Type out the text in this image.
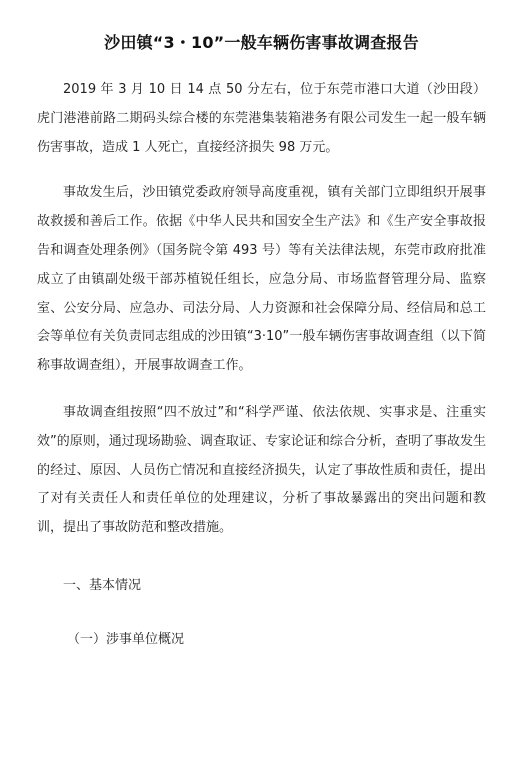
沙田镇“3・10”一般车辆伤害事故调查报告

2019 年 3 月 10 日 14 点 50 分左右，位于东莞市港口大道（沙田段）虎门港港前路二期码头综合楼的东莞港集装箱港务有限公司发生一起一般车辆伤害事故，造成 1 人死亡，直接经济损失 98 万元。

事故发生后，沙田镇党委政府领导高度重视，镇有关部门立即组织开展事故救援和善后工作。依据《中华人民共和国安全生产法》和《生产安全事故报告和调查处理条例》（国务院令第 493 号）等有关法律法规，东莞市政府批准成立了由镇副处级干部苏植锐任组长，应急分局、市场监督管理分局、监察室、公安分局、应急办、司法分局、人力资源和社会保障分局、经信局和总工会等单位有关负责同志组成的沙田镇“3·10”一般车辆伤害事故调查组（以下简称事故调查组），开展事故调查工作。

事故调查组按照“四不放过”和“科学严谨、依法依规、实事求是、注重实效”的原则，通过现场勘验、调查取证、专家论证和综合分析，查明了事故发生的经过、原因、人员伤亡情况和直接经济损失，认定了事故性质和责任，提出了对有关责任人和责任单位的处理建议，分析了事故暴露出的突出问题和教训，提出了事故防范和整改措施。

一、基本情况
（一）涉事单位概况
